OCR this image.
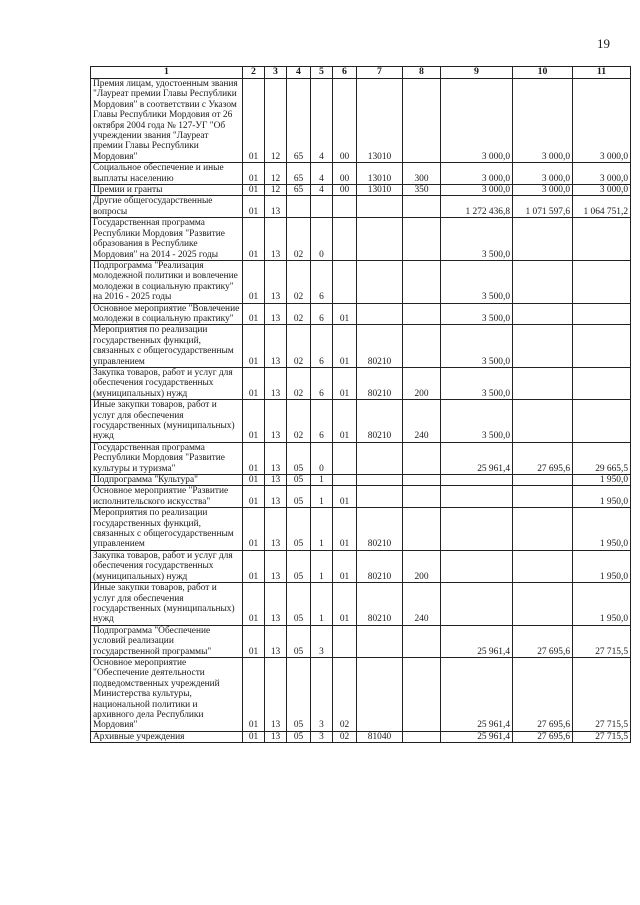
19
1	2	3	4	5	6	7	8	9	10	11
Премия лицам, удостоенным звания "Лауреат премии Главы Республики Мордовия" в соответствии с Указом Главы Республики Мордовия от 26 октября 2004 года № 127-УГ "Об учреждении звания "Лауреат премии Главы Республики Мордовия"	01	12	65	4	00	13010		3 000,0	3 000,0	3 000,0
Социальное обеспечение и иные выплаты населению	01	12	65	4	00	13010	300	3 000,0	3 000,0	3 000,0
Премии и гранты	01	12	65	4	00	13010	350	3 000,0	3 000,0	3 000,0
Другие общегосударственные вопросы	01	13						1 272 436,8	1 071 597,6	1 064 751,2
Государственная программа Республики Мордовия "Развитие образования в Республике Мордовия" на 2014 - 2025 годы	01	13	02	0				3 500,0		
Подпрограмма "Реализация молодежной политики и вовлечение молодежи в социальную практику" на 2016 - 2025 годы	01	13	02	6				3 500,0		
Основное мероприятие "Вовлечение молодежи в социальную практику"	01	13	02	6	01			3 500,0		
Мероприятия по реализации государственных функций, связанных с общегосударственным управлением	01	13	02	6	01	80210		3 500,0		
Закупка товаров, работ и услуг для обеспечения государственных (муниципальных) нужд	01	13	02	6	01	80210	200	3 500,0		
Иные закупки товаров, работ и услуг для обеспечения государственных (муниципальных) нужд	01	13	02	6	01	80210	240	3 500,0		
Государственная программа Республики Мордовия "Развитие культуры и туризма"	01	13	05	0				25 961,4	27 695,6	29 665,5
Подпрограмма "Культура"	01	13	05	1						1 950,0
Основное мероприятие "Развитие исполнительского искусства"	01	13	05	1	01					1 950,0
Мероприятия по реализации государственных функций, связанных с общегосударственным управлением	01	13	05	1	01	80210				1 950,0
Закупка товаров, работ и услуг для обеспечения государственных (муниципальных) нужд	01	13	05	1	01	80210	200			1 950,0
Иные закупки товаров, работ и услуг для обеспечения государственных (муниципальных) нужд	01	13	05	1	01	80210	240			1 950,0
Подпрограмма "Обеспечение условий реализации государственной программы"	01	13	05	3				25 961,4	27 695,6	27 715,5
Основное мероприятие "Обеспечение деятельности подведомственных учреждений Министерства культуры, национальной политики и архивного дела Республики Мордовия"	01	13	05	3	02			25 961,4	27 695,6	27 715,5
Архивные учреждения	01	13	05	3	02	81040		25 961,4	27 695,6	27 715,5
